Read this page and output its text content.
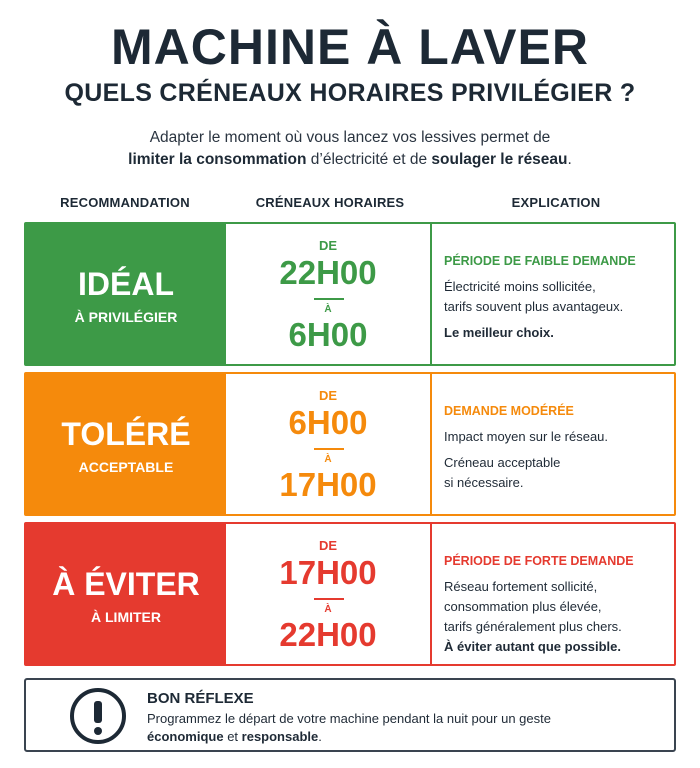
MACHINE À LAVER
QUELS CRÉNEAUX HORAIRES PRIVILÉGIER ?
Adapter le moment où vous lancez vos lessives permet de
limiter la consommation d’électricité et de soulager le réseau.
RECOMMANDATION	CRÉNEAUX HORAIRES	EXPLICATION
IDÉAL
À PRIVILÉGIER
DE
22H00
À
6H00
PÉRIODE DE FAIBLE DEMANDE
Électricité moins sollicitée,
tarifs souvent plus avantageux.
Le meilleur choix.
TOLÉRÉ
ACCEPTABLE
DE
6H00
À
17H00
DEMANDE MODÉRÉE
Impact moyen sur le réseau.
Créneau acceptable
si nécessaire.
À ÉVITER
À LIMITER
DE
17H00
À
22H00
PÉRIODE DE FORTE DEMANDE
Réseau fortement sollicité,
consommation plus élevée,
tarifs généralement plus chers.
À éviter autant que possible.
BON RÉFLEXE
Programmez le départ de votre machine pendant la nuit pour un geste
économique et responsable.
